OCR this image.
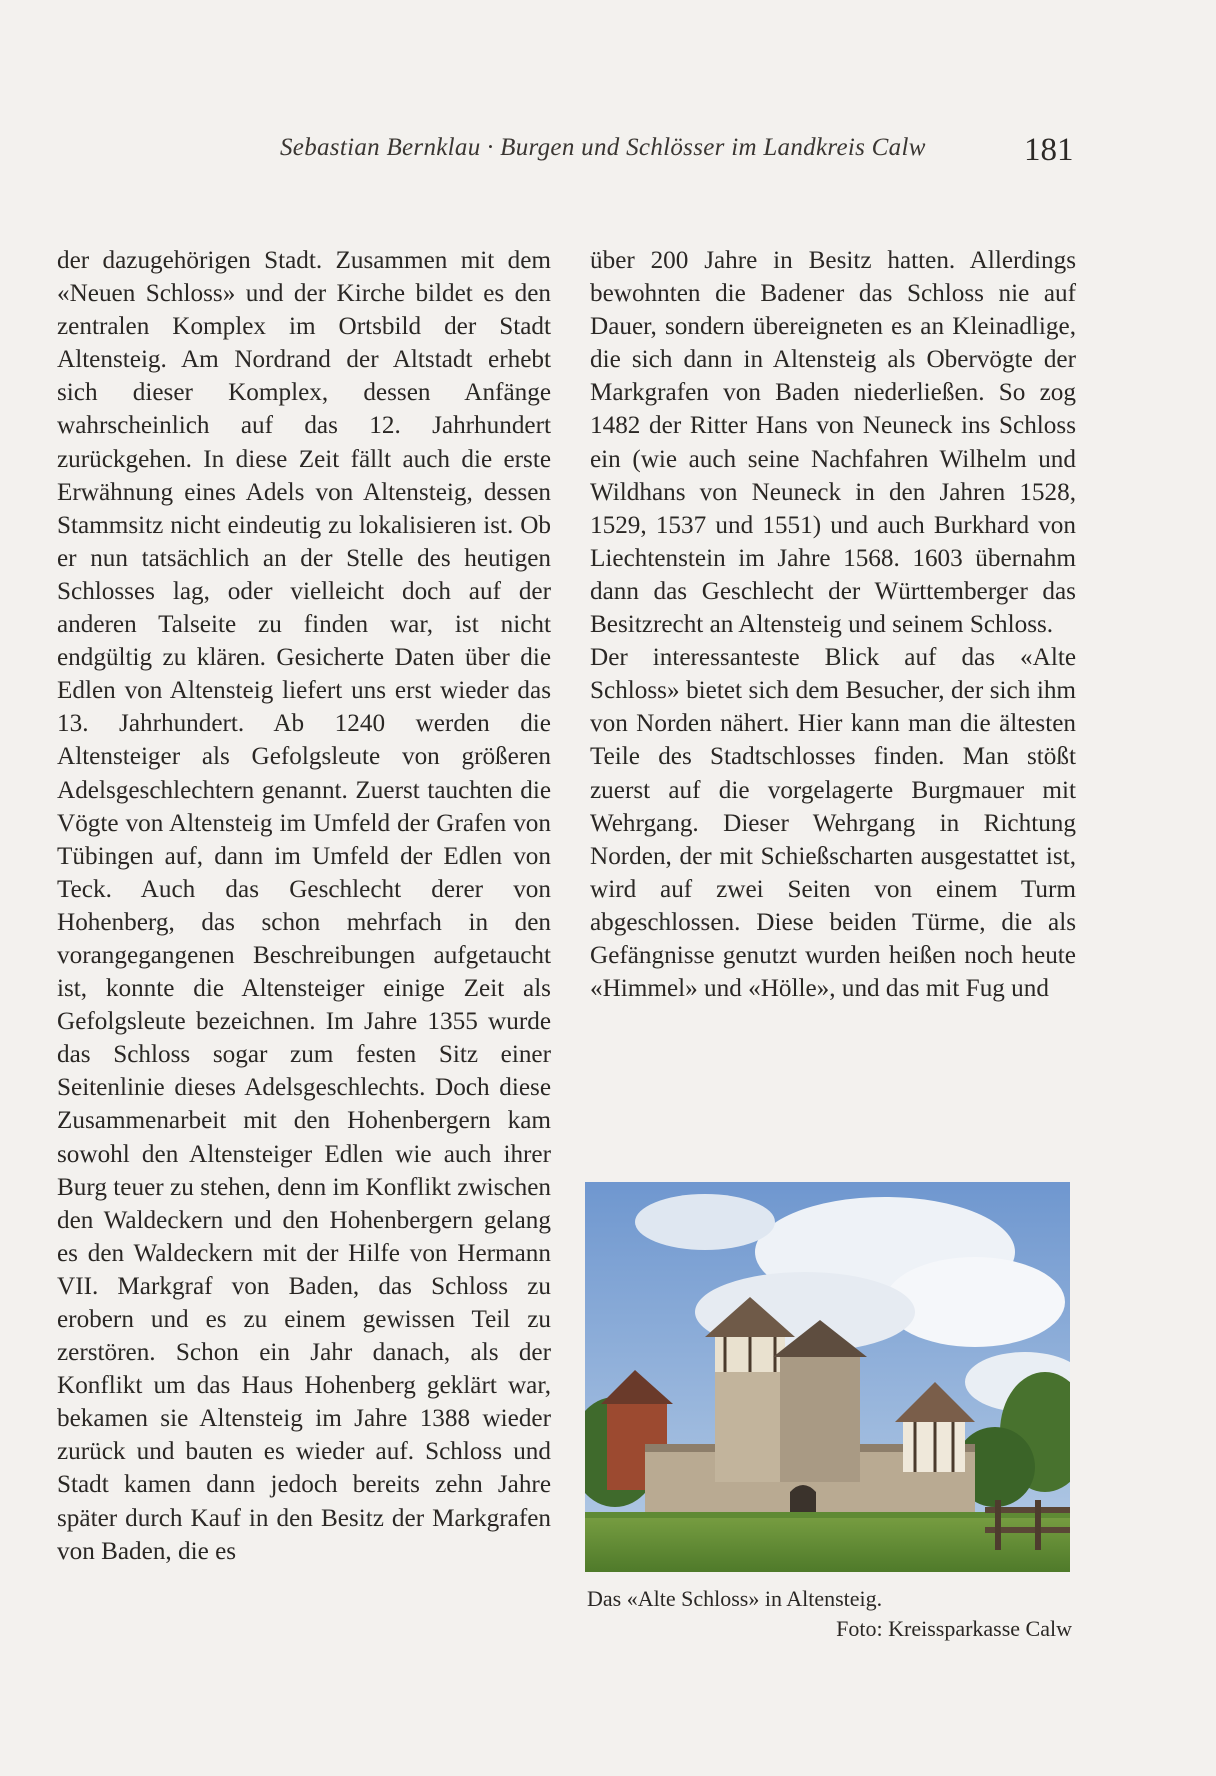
Sebastian Bernklau · Burgen und Schlösser im Landkreis Calw	181

der dazugehörigen Stadt. Zusammen mit dem «Neuen Schloss» und der Kirche bildet es den zentralen Komplex im Ortsbild der Stadt Altensteig. Am Nordrand der Altstadt erhebt sich dieser Komplex, dessen Anfänge wahrscheinlich auf das 12. Jahrhundert zurückgehen. In diese Zeit fällt auch die erste Erwähnung eines Adels von Altensteig, dessen Stammsitz nicht eindeutig zu lokalisieren ist. Ob er nun tatsächlich an der Stelle des heutigen Schlosses lag, oder vielleicht doch auf der anderen Talseite zu finden war, ist nicht endgültig zu klären. Gesicherte Daten über die Edlen von Altensteig liefert uns erst wieder das 13. Jahrhundert. Ab 1240 werden die Altensteiger als Gefolgsleute von größeren Adelsgeschlechtern genannt. Zuerst tauchten die Vögte von Altensteig im Umfeld der Grafen von Tübingen auf, dann im Umfeld der Edlen von Teck. Auch das Geschlecht derer von Hohenberg, das schon mehrfach in den vorangegangenen Beschreibungen aufgetaucht ist, konnte die Altensteiger einige Zeit als Gefolgsleute bezeichnen. Im Jahre 1355 wurde das Schloss sogar zum festen Sitz einer Seitenlinie dieses Adelsgeschlechts. Doch diese Zusammenarbeit mit den Hohenbergern kam sowohl den Altensteiger Edlen wie auch ihrer Burg teuer zu stehen, denn im Konflikt zwischen den Waldeckern und den Hohenbergern gelang es den Waldeckern mit der Hilfe von Hermann VII. Markgraf von Baden, das Schloss zu erobern und es zu einem gewissen Teil zu zerstören. Schon ein Jahr danach, als der Konflikt um das Haus Hohenberg geklärt war, bekamen sie Altensteig im Jahre 1388 wieder zurück und bauten es wieder auf. Schloss und Stadt kamen dann jedoch bereits zehn Jahre später durch Kauf in den Besitz der Markgrafen von Baden, die es

über 200 Jahre in Besitz hatten. Allerdings bewohnten die Badener das Schloss nie auf Dauer, sondern übereigneten es an Kleinadlige, die sich dann in Altensteig als Obervögte der Markgrafen von Baden niederließen. So zog 1482 der Ritter Hans von Neuneck ins Schloss ein (wie auch seine Nachfahren Wilhelm und Wildhans von Neuneck in den Jahren 1528, 1529, 1537 und 1551) und auch Burkhard von Liechtenstein im Jahre 1568. 1603 übernahm dann das Geschlecht der Württemberger das Besitzrecht an Altensteig und seinem Schloss.

Der interessanteste Blick auf das «Alte Schloss» bietet sich dem Besucher, der sich ihm von Norden nähert. Hier kann man die ältesten Teile des Stadtschlosses finden. Man stößt zuerst auf die vorgelagerte Burgmauer mit Wehrgang. Dieser Wehrgang in Richtung Norden, der mit Schießscharten ausgestattet ist, wird auf zwei Seiten von einem Turm abgeschlossen. Diese beiden Türme, die als Gefängnisse genutzt wurden heißen noch heute «Himmel» und «Hölle», und das mit Fug und

Das «Alte Schloss» in Altensteig.
Foto: Kreissparkasse Calw
